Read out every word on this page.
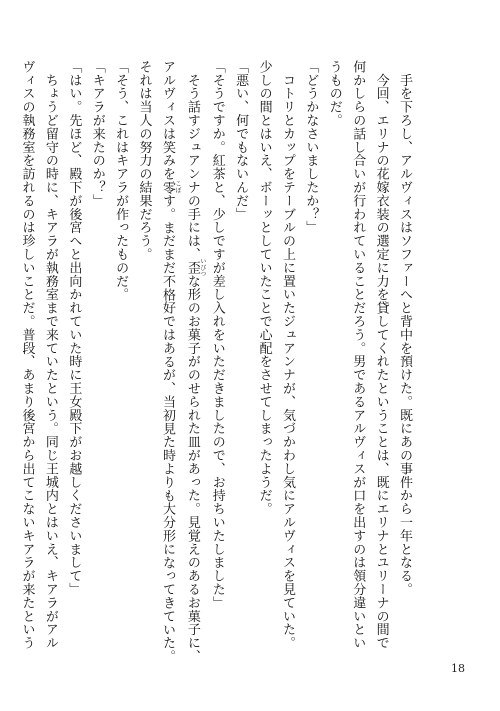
　手を下ろし、アルヴィスはソファーへと背中を預けた。既にあの事件から一年となる。
　今回、エリナの花嫁衣装の選定に力を貸してくれたということは、既にエリナとユリーナの間で
何かしらの話し合いが行われていることだろう。男であるアルヴィスが口を出すのは領分違いとい
うものだ。
「どうかなさいましたか？」
　コトリとカップをテーブルの上に置いたジュアンナが、気づかわし気にアルヴィスを見ていた。
少しの間とはいえ、ボーッとしていたことで心配をさせてしまったようだ。
「悪い、何でもないんだ」
「そうですか。紅茶と、少しですが差し入れをいただきましたので、お持ちいたしました」
　そう話すジュアンナの手には、歪 いびつな形のお菓子がのせられた皿があった。見覚えのあるお菓子に、
アルヴィスは笑みを零 こぼす。まだまだ不格好ではあるが、当初見た時よりも大分形になってきていた。
それは当人の努力の結果だろう。
「そう、これはキアラが作ったものだ。
「キアラが来たのか？」
「はい。先ほど、殿下が後宮へと出向かれていた時に王女殿下がお越しくださいまして」
　ちょうど留守の時に、キアラが執務室まで来ていたという。同じ王城内とはいえ、キアラがアル
ヴィスの執務室を訪れるのは珍しいことだ。普段、あまり後宮から出てこないキアラが来たという
18
